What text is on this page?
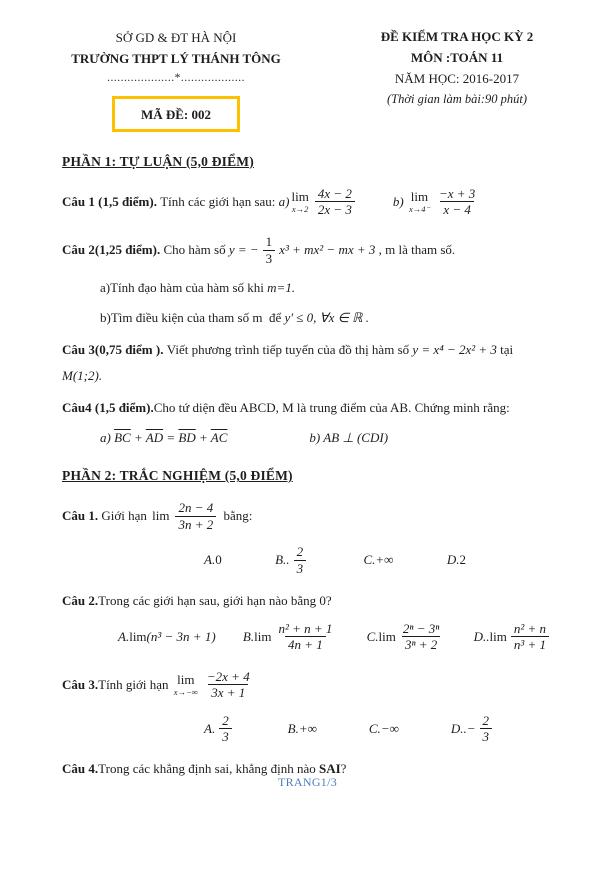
SỞ GD & ĐT HÀ NỘI
TRƯỜNG THPT LÝ THÁNH TÔNG
....................*...................
MÃ ĐỀ: 002
ĐỀ KIỂM TRA HỌC KỲ 2
MÔN :TOÁN 11
NĂM HỌC: 2016-2017
(Thời gian làm bài:90 phút)
PHẦN 1: TỰ LUẬN (5,0 ĐIỂM)
Câu 1 (1,5 điểm). Tính các giới hạn sau: a) lim
$x\to 2 \frac{4x - 2}{2x - 3}$	b) lim
$x\to 4^- \frac{-x + 3}{x - 4}$
Câu 2(1,25 điểm). Cho hàm số y = − $\frac{1}{3} x^3 + mx^2$ − mx + 3 , m là tham số.
a)Tính đạo hàm của hàm số khi m=1.
b)Tìm điều kiện của tham số m  để y' ≤ 0, ∀x ∈ ℝ .
Câu 3(0,75 điểm ). Viết phương trình tiếp tuyến của đồ thị hàm số y = x⁴ − 2x² + 3 tại
M(1;2).
Câu4 (1,5 điểm).Cho tứ diện đều ABCD, M là trung điểm của AB. Chứng minh rằng:
a) $\overline{BC} + \overline{AD} = \overline{BD} + \overline{AC}$	b) AB ⊥ (CDI)
PHẦN 2: TRẮC NGHIỆM (5,0 ĐIỂM)
Câu 1. Giới hạn $\lim \frac{2n - 4}{3n + 2}$ bằng:
A. 0	B.. $\frac{2}{3}$	C. +∞	D. 2
Câu 2.Trong các giới hạn sau, giới hạn nào bằng 0?
A. lim (n³ − 3n + 1) B. $\lim \frac{\text{n² + n + 1}}{4n + 1} C$. $\lim \frac{\text{2ⁿ − 3ⁿ}}{\text{3ⁿ + 2}} D$.. $\lim \frac{\text{n² + n}}{\text{n³ + 1}}$
Câu 3. Tính giới hạn lim
$x\to-\infty \frac{-2x + 4}{3x + 1}$
A. $\frac{2}{3}$	B. +∞	C. −∞	D.. − $\frac{2}{3}$
Câu 4.Trong các khẳng định sai, khẳng định nào SAI?
TRANG1/3
